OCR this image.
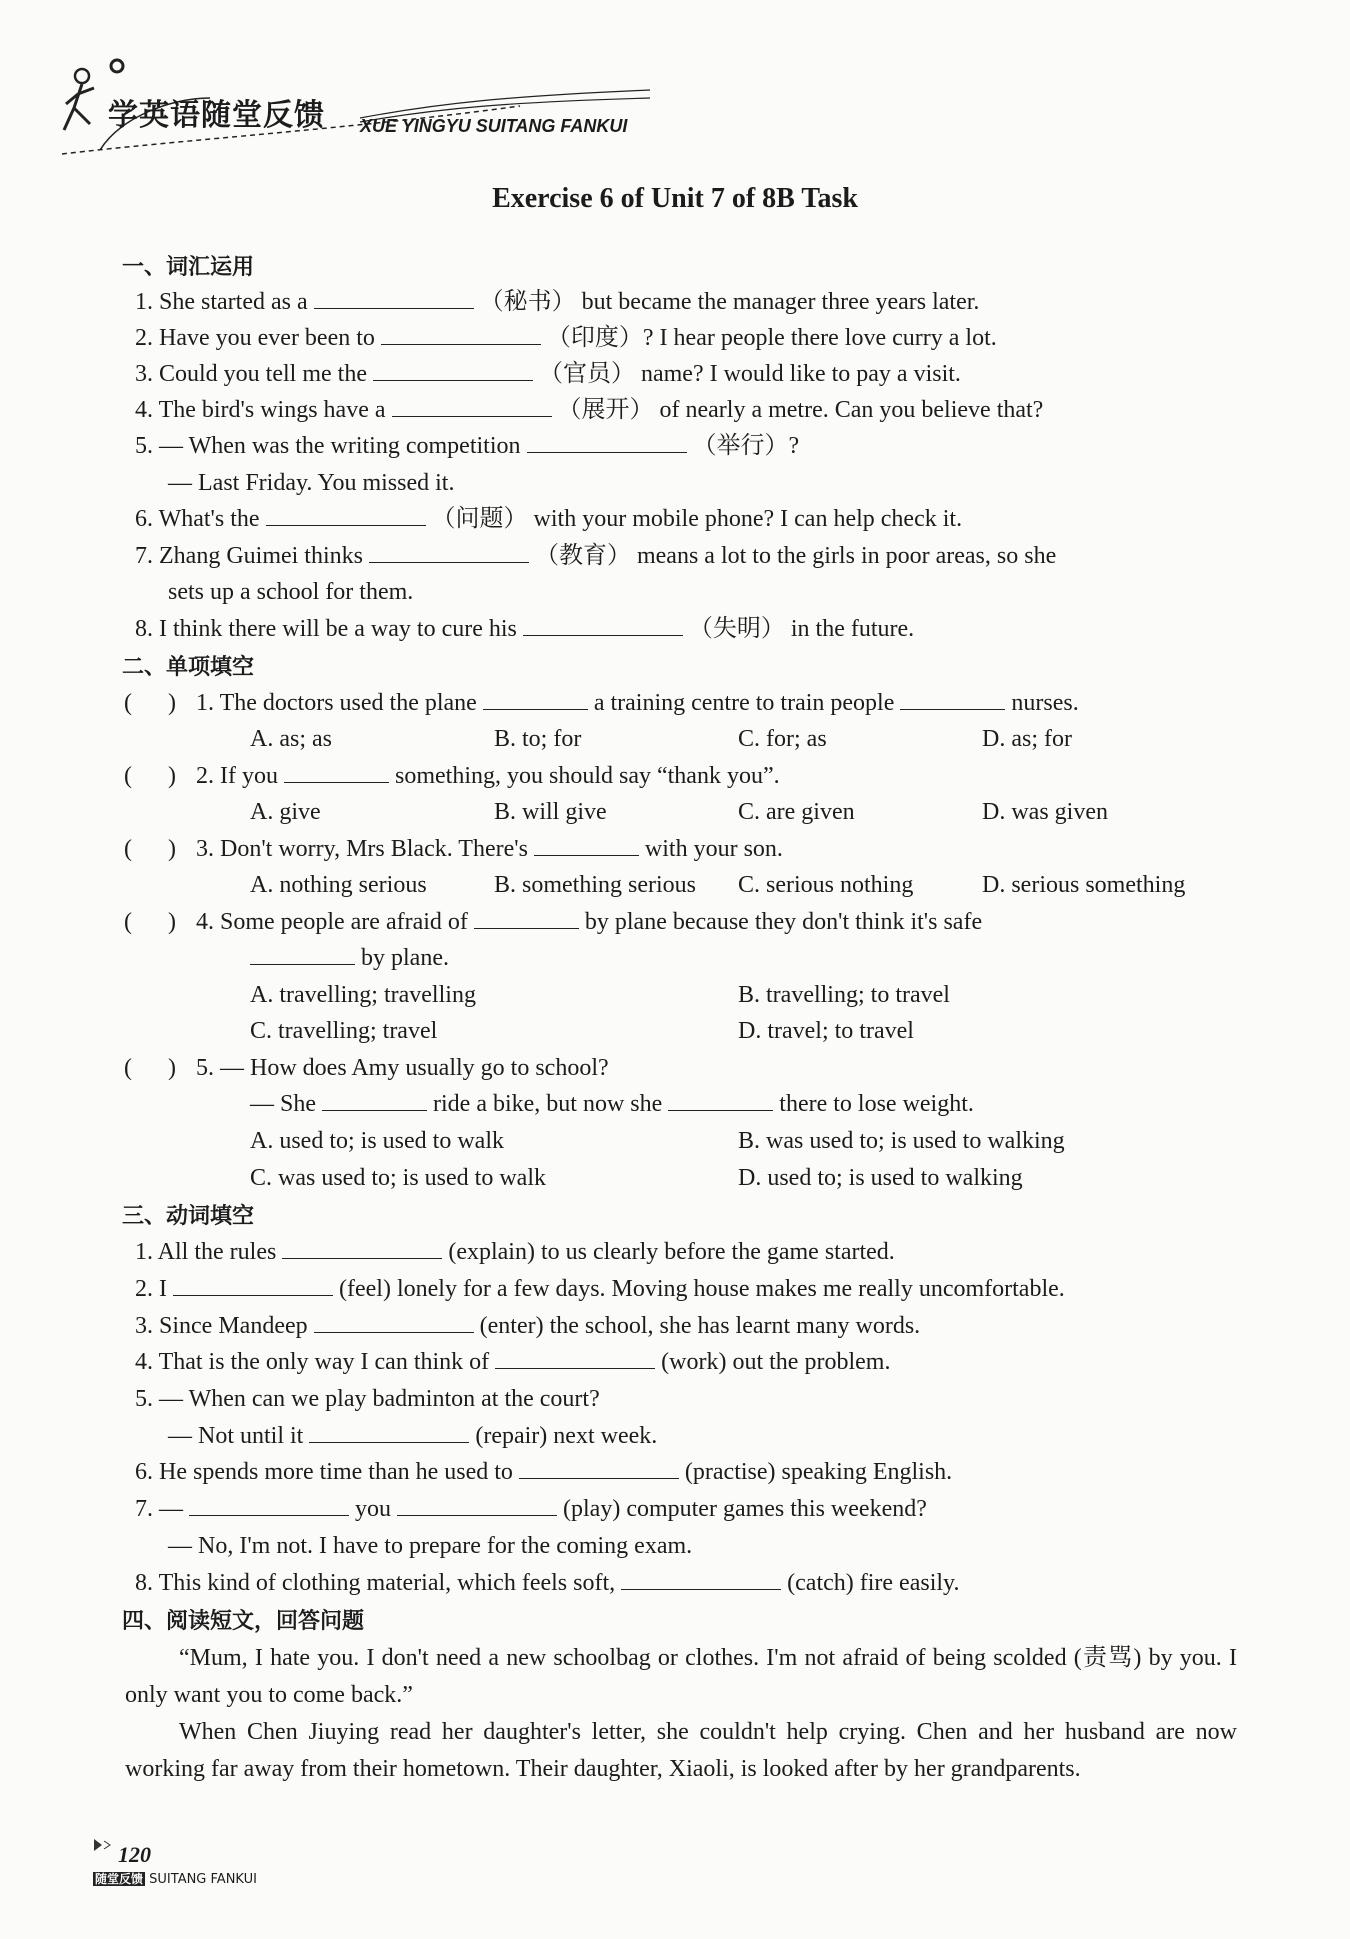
学英语随堂反馈 XUE YINGYU SUITANG FANKUI
Exercise 6 of Unit 7 of 8B Task
一、词汇运用
1. She started as a	（秘书） but became the manager three years later.
2. Have you ever been to	（印度）? I hear people there love curry a lot.
3. Could you tell me the	（官员） name? I would like to pay a visit.
4. The bird's wings have a	（展开） of nearly a metre. Can you believe that?
5. — When was the writing competition	（举行）?
— Last Friday. You missed it.
6. What's the	（问题） with your mobile phone? I can help check it.
7. Zhang Guimei thinks	（教育） means a lot to the girls in poor areas, so she
sets up a school for them.
8. I think there will be a way to cure his	（失明） in the future.
二、单项填空
(      ) 1. The doctors used the plane	a training centre to train people	nurses.
A. as; as	B. to; for	C. for; as	D. as; for
(      ) 2. If you	something, you should say “thank you”.
A. give	B. will give	C. are given	D. was given
(      ) 3. Don't worry, Mrs Black. There's	with your son.
A. nothing serious	B. something serious C. serious nothing	D. serious something
(      ) 4. Some people are afraid of	by plane because they don't think it's safe
by plane.
A. travelling; travelling	B. travelling; to travel
C. travelling; travel	D. travel; to travel
(      ) 5. — How does Amy usually go to school?
— She	ride a bike, but now she	there to lose weight.
A. used to; is used to walk	B. was used to; is used to walking
C. was used to; is used to walk	D. used to; is used to walking
三、动词填空
1. All the rules	(explain) to us clearly before the game started.
2. I	(feel) lonely for a few days. Moving house makes me really uncomfortable.
3. Since Mandeep	(enter) the school, she has learnt many words.
4. That is the only way I can think of	(work) out the problem.
5. — When can we play badminton at the court?
— Not until it	(repair) next week.
6. He spends more time than he used to	(practise) speaking English.
7. —	you	(play) computer games this weekend?
— No, I'm not. I have to prepare for the coming exam.
8. This kind of clothing material, which feels soft,	(catch) fire easily.
四、阅读短文，回答问题
“Mum, I hate you. I don't need a new schoolbag or clothes. I'm not afraid of being scolded (责骂) by you. I only want you to come back.”
When Chen Jiuying read her daughter's letter, she couldn't help crying. Chen and her husband are now working far away from their hometown. Their daughter, Xiaoli, is looked after by her grandparents.
120
随堂反馈 SUITANG FANKUI
